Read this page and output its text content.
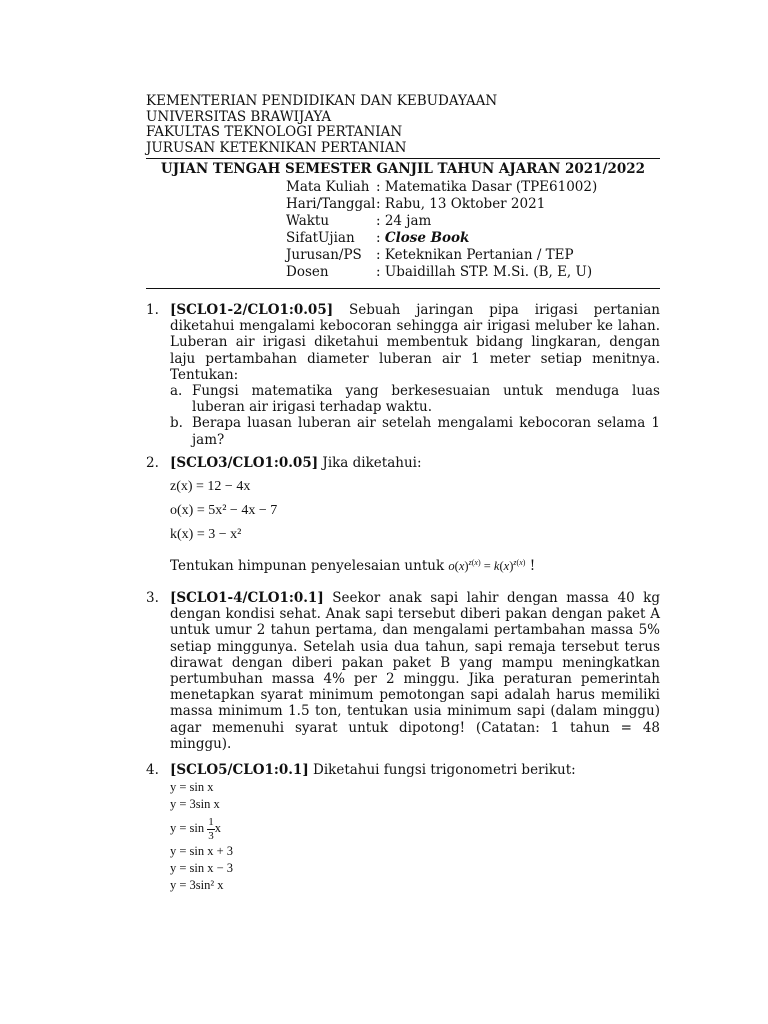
KEMENTERIAN PENDIDIKAN DAN KEBUDAYAAN
UNIVERSITAS BRAWIJAYA
FAKULTAS TEKNOLOGI PERTANIAN
JURUSAN KETEKNIKAN PERTANIAN
UJIAN TENGAH SEMESTER GANJIL TAHUN AJARAN 2021/2022
Mata Kuliah : Matematika Dasar (TPE61002)
Hari/Tanggal : Rabu, 13 Oktober 2021
Waktu	: 24 jam
SifatUjian	: Close Book
Jurusan/PS	: Keteknikan Pertanian / TEP
Dosen	: Ubaidillah STP. M.Si. (B, E, U)
1. [SCLO1-2/CLO1:0.05] Sebuah jaringan pipa irigasi pertanian diketahui mengalami kebocoran sehingga air irigasi meluber ke lahan. Luberan air irigasi diketahui membentuk bidang lingkaran, dengan laju pertambahan diameter luberan air 1 meter setiap menitnya. Tentukan:
a. Fungsi matematika yang berkesesuaian untuk menduga luas luberan air irigasi terhadap waktu.
b. Berapa luasan luberan air setelah mengalami kebocoran selama 1 jam?
2. [SCLO3/CLO1:0.05] Jika diketahui:
z(x) = 12 − 4x
o(x) = 5x² − 4x − 7
k(x) = 3 − x²
Tentukan himpunan penyelesaian untuk $o(x)^{z(x)} = k(x)^{z(x)}$ !
3. [SCLO1-4/CLO1:0.1] Seekor anak sapi lahir dengan massa 40 kg dengan kondisi sehat. Anak sapi tersebut diberi pakan dengan paket A untuk umur 2 tahun pertama, dan mengalami pertambahan massa 5% setiap minggunya. Setelah usia dua tahun, sapi remaja tersebut terus dirawat dengan diberi pakan paket B yang mampu meningkatkan pertumbuhan massa 4% per 2 minggu. Jika peraturan pemerintah menetapkan syarat minimum pemotongan sapi adalah harus memiliki massa minimum 1.5 ton, tentukan usia minimum sapi (dalam minggu) agar memenuhi syarat untuk dipotong! (Catatan: 1 tahun = 48 minggu).
4. [SCLO5/CLO1:0.1] Diketahui fungsi trigonometri berikut:
y = sin x
y = 3sin x
$y = \sin \frac{1}{3}$ x
y = sin x + 3
y = sin x − 3
y = 3sin² x
